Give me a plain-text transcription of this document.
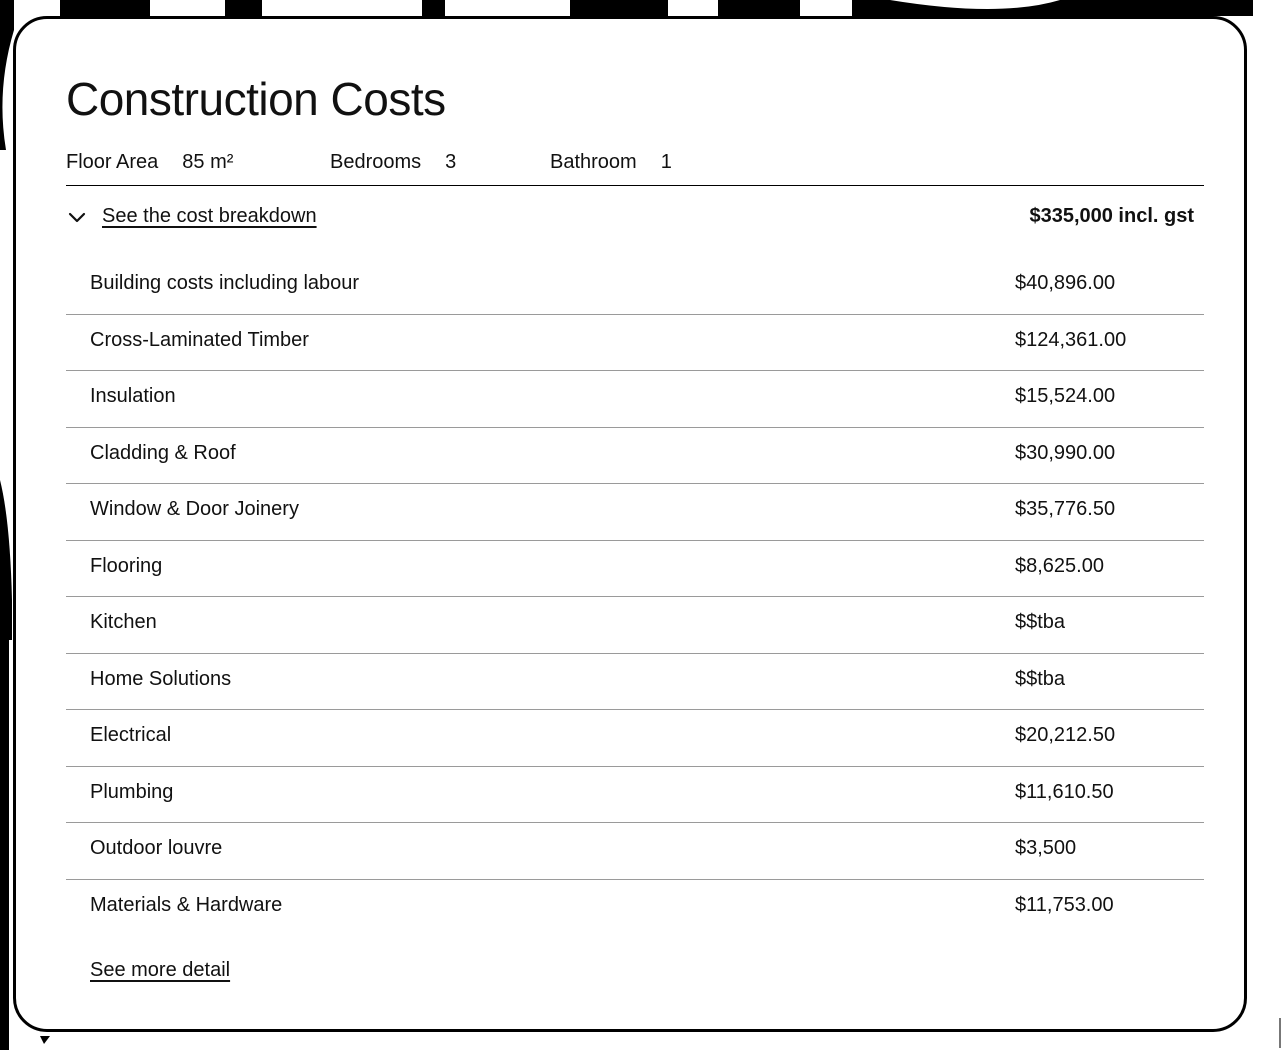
Construction Costs
Floor Area 85 m²	Bedrooms 3	Bathroom 1
See the cost breakdown	$335,000 incl. gst
Building costs including labour	$40,896.00
Cross-Laminated Timber	$124,361.00
Insulation	$15,524.00
Cladding & Roof	$30,990.00
Window & Door Joinery	$35,776.50
Flooring	$8,625.00
Kitchen	$$tba
Home Solutions	$$tba
Electrical	$20,212.50
Plumbing	$11,610.50
Outdoor louvre	$3,500
Materials & Hardware	$11,753.00
See more detail
